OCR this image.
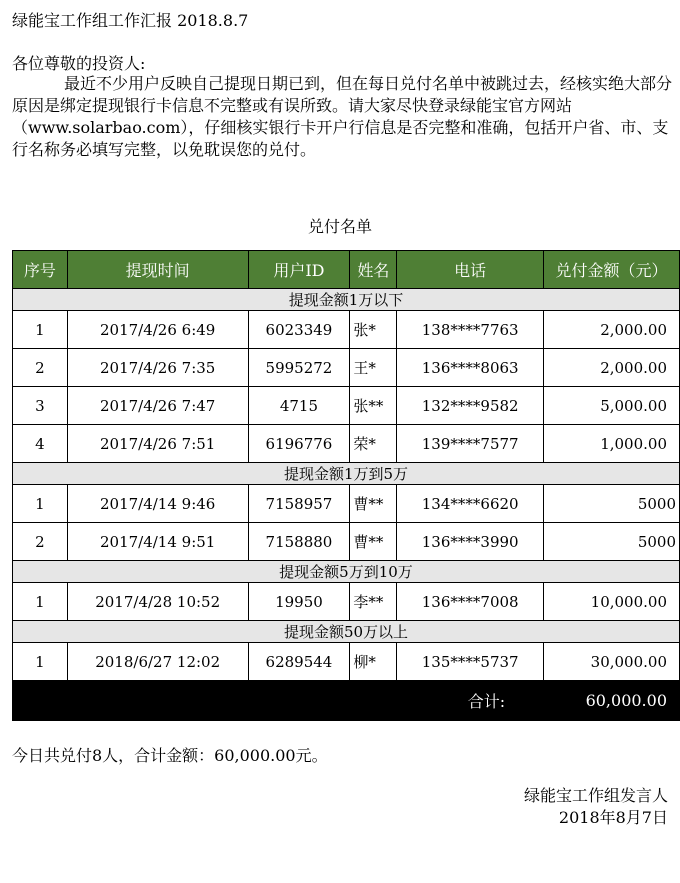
绿能宝工作组工作汇报 2018.8.7
各位尊敬的投资人:
最近不少用户反映自己提现日期已到，但在每日兑付名单中被跳过去，经核实绝大部分原因是绑定提现银行卡信息不完整或有误所致。请大家尽快登录绿能宝官方网站（www.solarbao.com），仔细核实银行卡开户行信息是否完整和准确，包括开户省、市、支行名称务必填写完整，以免耽误您的兑付。
兑付名单
序号	提现时间	用户ID	姓名	电话	兑付金额（元）
提现金额1万以下					
1	2017/4/26 6:49	6023349	张*	138****7763	2,000.00
2	2017/4/26 7:35	5995272	王*	136****8063	2,000.00
3	2017/4/26 7:47	4715	张**	132****9582	5,000.00
4	2017/4/26 7:51	6196776	荣*	139****7577	1,000.00
提现金额1万到5万					
1	2017/4/14 9:46	7158957	曹**	134****6620	5000
2	2017/4/14 9:51	7158880	曹**	136****3990	5000
提现金额5万到10万					
1	2017/4/28 10:52	19950	李**	136****7008	10,000.00
提现金额50万以上					
1	2018/6/27 12:02	6289544	柳*	135****5737	30,000.00
合计:					60,000.00
今日共兑付8人，合计金额：60,000.00元。
绿能宝工作组发言人
2018年8月7日
